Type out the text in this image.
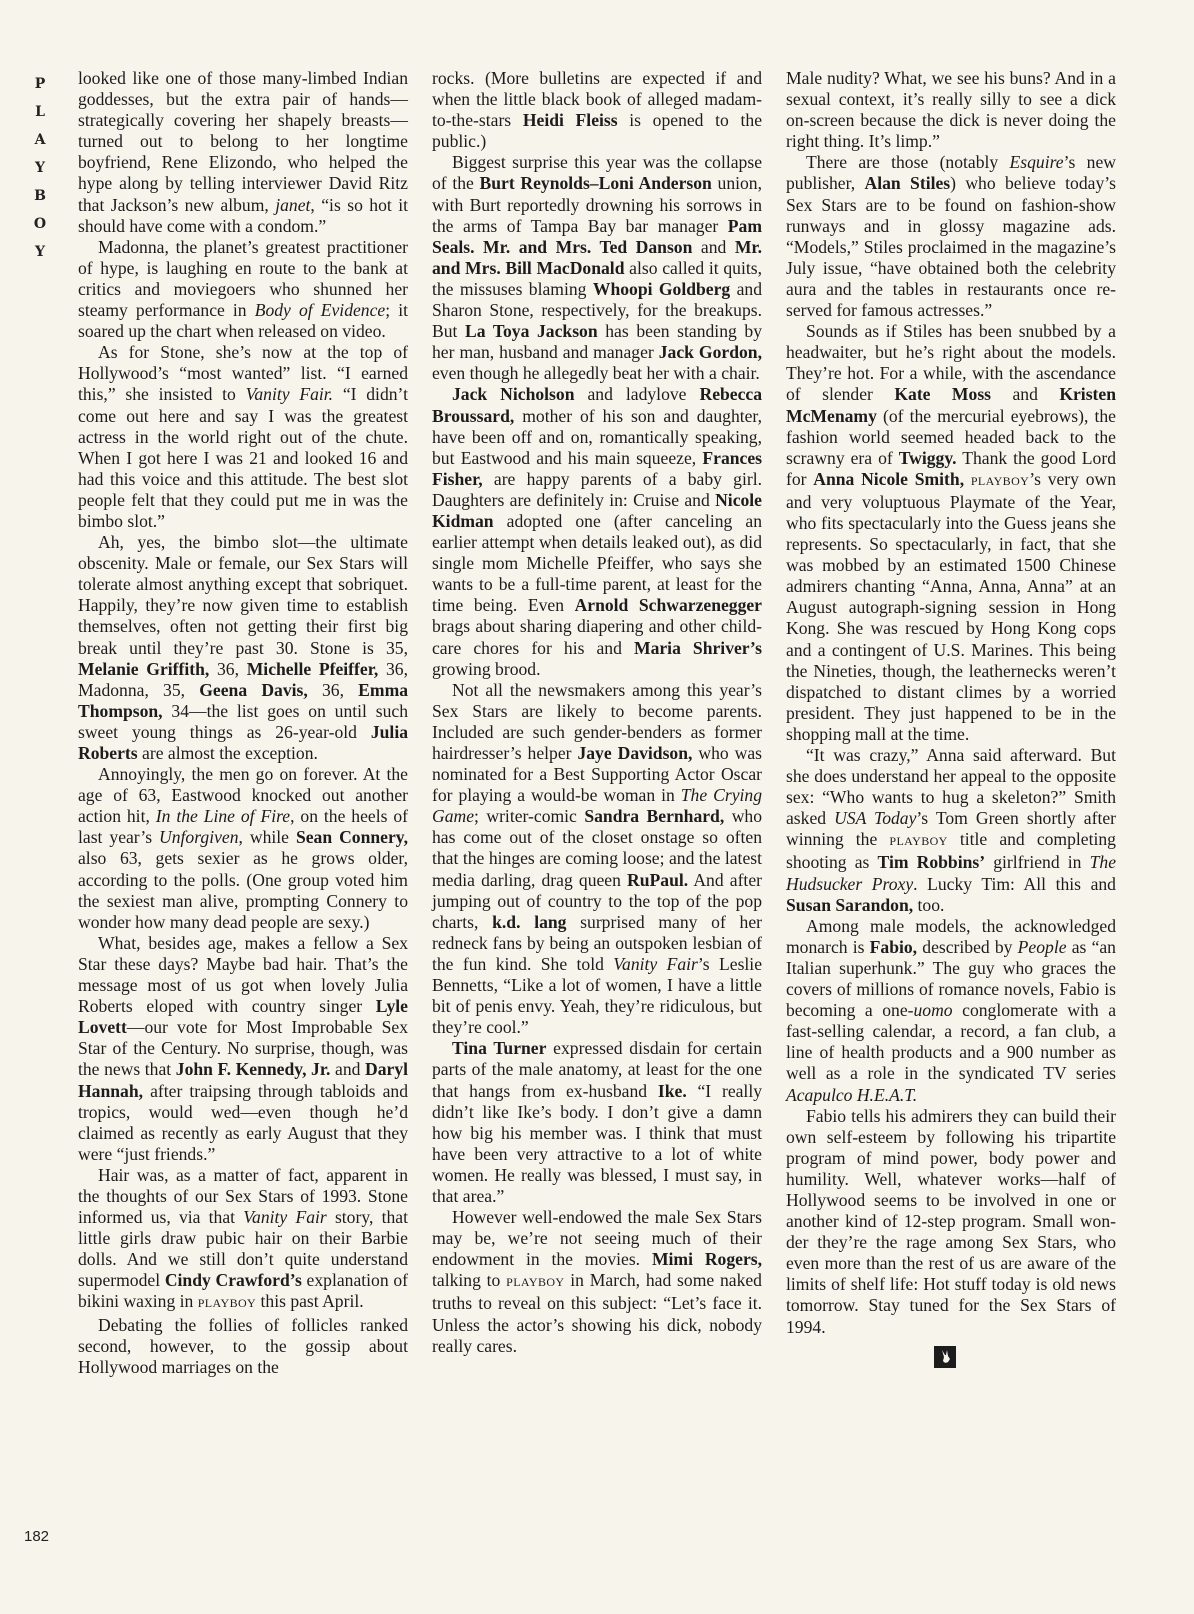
P
L
A
Y
B
O
Y
182

looked like one of those many-limbed Indian goddesses, but the extra pair of hands—strategically covering her shapely breasts—turned out to belong to her longtime boyfriend, Rene Elizondo, who helped the hype along by telling interviewer David Ritz that Jackson’s new album, janet, “is so hot it should have come with a condom.”

Madonna, the planet’s greatest practitioner of hype, is laughing en route to the bank at critics and moviegoers who shunned her steamy performance in Body of Evidence; it soared up the chart when released on video.

As for Stone, she’s now at the top of Hollywood’s “most wanted” list. “I earned this,” she insisted to Vanity Fair. “I didn’t come out here and say I was the greatest actress in the world right out of the chute. When I got here I was 21 and looked 16 and had this voice and this attitude. The best slot people felt that they could put me in was the bimbo slot.”

Ah, yes, the bimbo slot—the ultimate obscenity. Male or female, our Sex Stars will tolerate almost anything except that sobriquet. Happily, they’re now given time to establish themselves, often not getting their first big break until they’re past 30. Stone is 35, Melanie Griffith, 36, Michelle Pfeiffer, 36, Madonna, 35, Geena Davis, 36, Emma Thompson, 34—the list goes on until such sweet young things as 26-year-old Julia Roberts are almost the exception.

Annoyingly, the men go on forever. At the age of 63, Eastwood knocked out another action hit, In the Line of Fire, on the heels of last year’s Unforgiven, while Sean Connery, also 63, gets sexier as he grows older, according to the polls. (One group voted him the sexiest man alive, prompting Connery to wonder how many dead people are sexy.)

What, besides age, makes a fellow a Sex Star these days? Maybe bad hair. That’s the message most of us got when lovely Julia Roberts eloped with country singer Lyle Lovett—our vote for Most Improbable Sex Star of the Century. No surprise, though, was the news that John F. Kennedy, Jr. and Daryl Hannah, after traipsing through tabloids and tropics, would wed—even though he’d claimed as recently as early August that they were “just friends.”

Hair was, as a matter of fact, apparent in the thoughts of our Sex Stars of 1993. Stone informed us, via that Vanity Fair story, that little girls draw pubic hair on their Barbie dolls. And we still don’t quite understand supermodel Cindy Crawford’s explanation of bikini waxing in PLAYBOY this past April.

Debating the follies of follicles ranked second, however, to the gossip about Hollywood marriages on the

rocks. (More bulletins are expected if and when the little black book of alleged madam-to-the-stars Heidi Fleiss is opened to the public.)

Biggest surprise this year was the collapse of the Burt Reynolds–Loni Anderson union, with Burt reportedly drowning his sorrows in the arms of Tampa Bay bar manager Pam Seals. Mr. and Mrs. Ted Danson and Mr. and Mrs. Bill MacDonald also called it quits, the missuses blaming Whoopi Goldberg and Sharon Stone, respectively, for the breakups. But La Toya Jackson has been standing by her man, husband and manager Jack Gordon, even though he allegedly beat her with a chair.

Jack Nicholson and ladylove Rebecca Broussard, mother of his son and daughter, have been off and on, romantically speaking, but Eastwood and his main squeeze, Frances Fisher, are happy parents of a baby girl. Daughters are definitely in: Cruise and Nicole Kidman adopted one (after canceling an earlier attempt when details leaked out), as did single mom Michelle Pfeiffer, who says she wants to be a full-time parent, at least for the time being. Even Arnold Schwarzenegger brags about sharing diapering and other child-care chores for his and Maria Shriver’s growing brood.

Not all the newsmakers among this year’s Sex Stars are likely to become parents. Included are such gender-benders as former hairdresser’s helper Jaye Davidson, who was nominated for a Best Supporting Actor Oscar for playing a would-be woman in The Crying Game; writer-comic Sandra Bernhard, who has come out of the closet onstage so often that the hinges are coming loose; and the latest media darling, drag queen RuPaul. And after jumping out of country to the top of the pop charts, k.d. lang surprised many of her redneck fans by being an outspoken lesbian of the fun kind. She told Vanity Fair’s Leslie Bennetts, “Like a lot of women, I have a little bit of penis envy. Yeah, they’re ridiculous, but they’re cool.”

Tina Turner expressed disdain for certain parts of the male anatomy, at least for the one that hangs from ex-husband Ike. “I really didn’t like Ike’s body. I don’t give a damn how big his member was. I think that must have been very attractive to a lot of white women. He really was blessed, I must say, in that area.”

However well-endowed the male Sex Stars may be, we’re not seeing much of their endowment in the movies. Mimi Rogers, talking to PLAYBOY in March, had some naked truths to reveal on this subject: “Let’s face it. Unless the actor’s showing his dick, nobody really cares.

Male nudity? What, we see his buns? And in a sexual context, it’s really silly to see a dick on-screen because the dick is never doing the right thing. It’s limp.”

There are those (notably Esquire’s new publisher, Alan Stiles) who believe today’s Sex Stars are to be found on fashion-show runways and in glossy magazine ads. “Models,” Stiles proclaimed in the magazine’s July issue, “have obtained both the celebrity aura and the tables in restaurants once reserved for famous actresses.”

Sounds as if Stiles has been snubbed by a headwaiter, but he’s right about the models. They’re hot. For a while, with the ascendance of slender Kate Moss and Kristen McMenamy (of the mercurial eyebrows), the fashion world seemed headed back to the scrawny era of Twiggy. Thank the good Lord for Anna Nicole Smith, PLAYBOY’s very own and very voluptuous Playmate of the Year, who fits spectacularly into the Guess jeans she represents. So spectacularly, in fact, that she was mobbed by an estimated 1500 Chinese admirers chanting “Anna, Anna, Anna” at an August autograph-signing session in Hong Kong. She was rescued by Hong Kong cops and a contingent of U.S. Marines. This being the Nineties, though, the leathernecks weren’t dispatched to distant climes by a worried president. They just happened to be in the shopping mall at the time.

“It was crazy,” Anna said afterward. But she does understand her appeal to the opposite sex: “Who wants to hug a skeleton?” Smith asked USA Today’s Tom Green shortly after winning the PLAYBOY title and completing shooting as Tim Robbins’ girlfriend in The Hudsucker Proxy. Lucky Tim: All this and Susan Sarandon, too.

Among male models, the acknowledged monarch is Fabio, described by People as “an Italian superhunk.” The guy who graces the covers of millions of romance novels, Fabio is becoming a one-uomo conglomerate with a fast-selling calendar, a record, a fan club, a line of health products and a 900 number as well as a role in the syndicated TV series Acapulco H.E.A.T.

Fabio tells his admirers they can build their own self-esteem by following his tripartite program of mind power, body power and humility. Well, whatever works—half of Hollywood seems to be involved in one or another kind of 12-step program. Small wonder they’re the rage among Sex Stars, who even more than the rest of us are aware of the limits of shelf life: Hot stuff today is old news tomorrow. Stay tuned for the Sex Stars of 1994.
